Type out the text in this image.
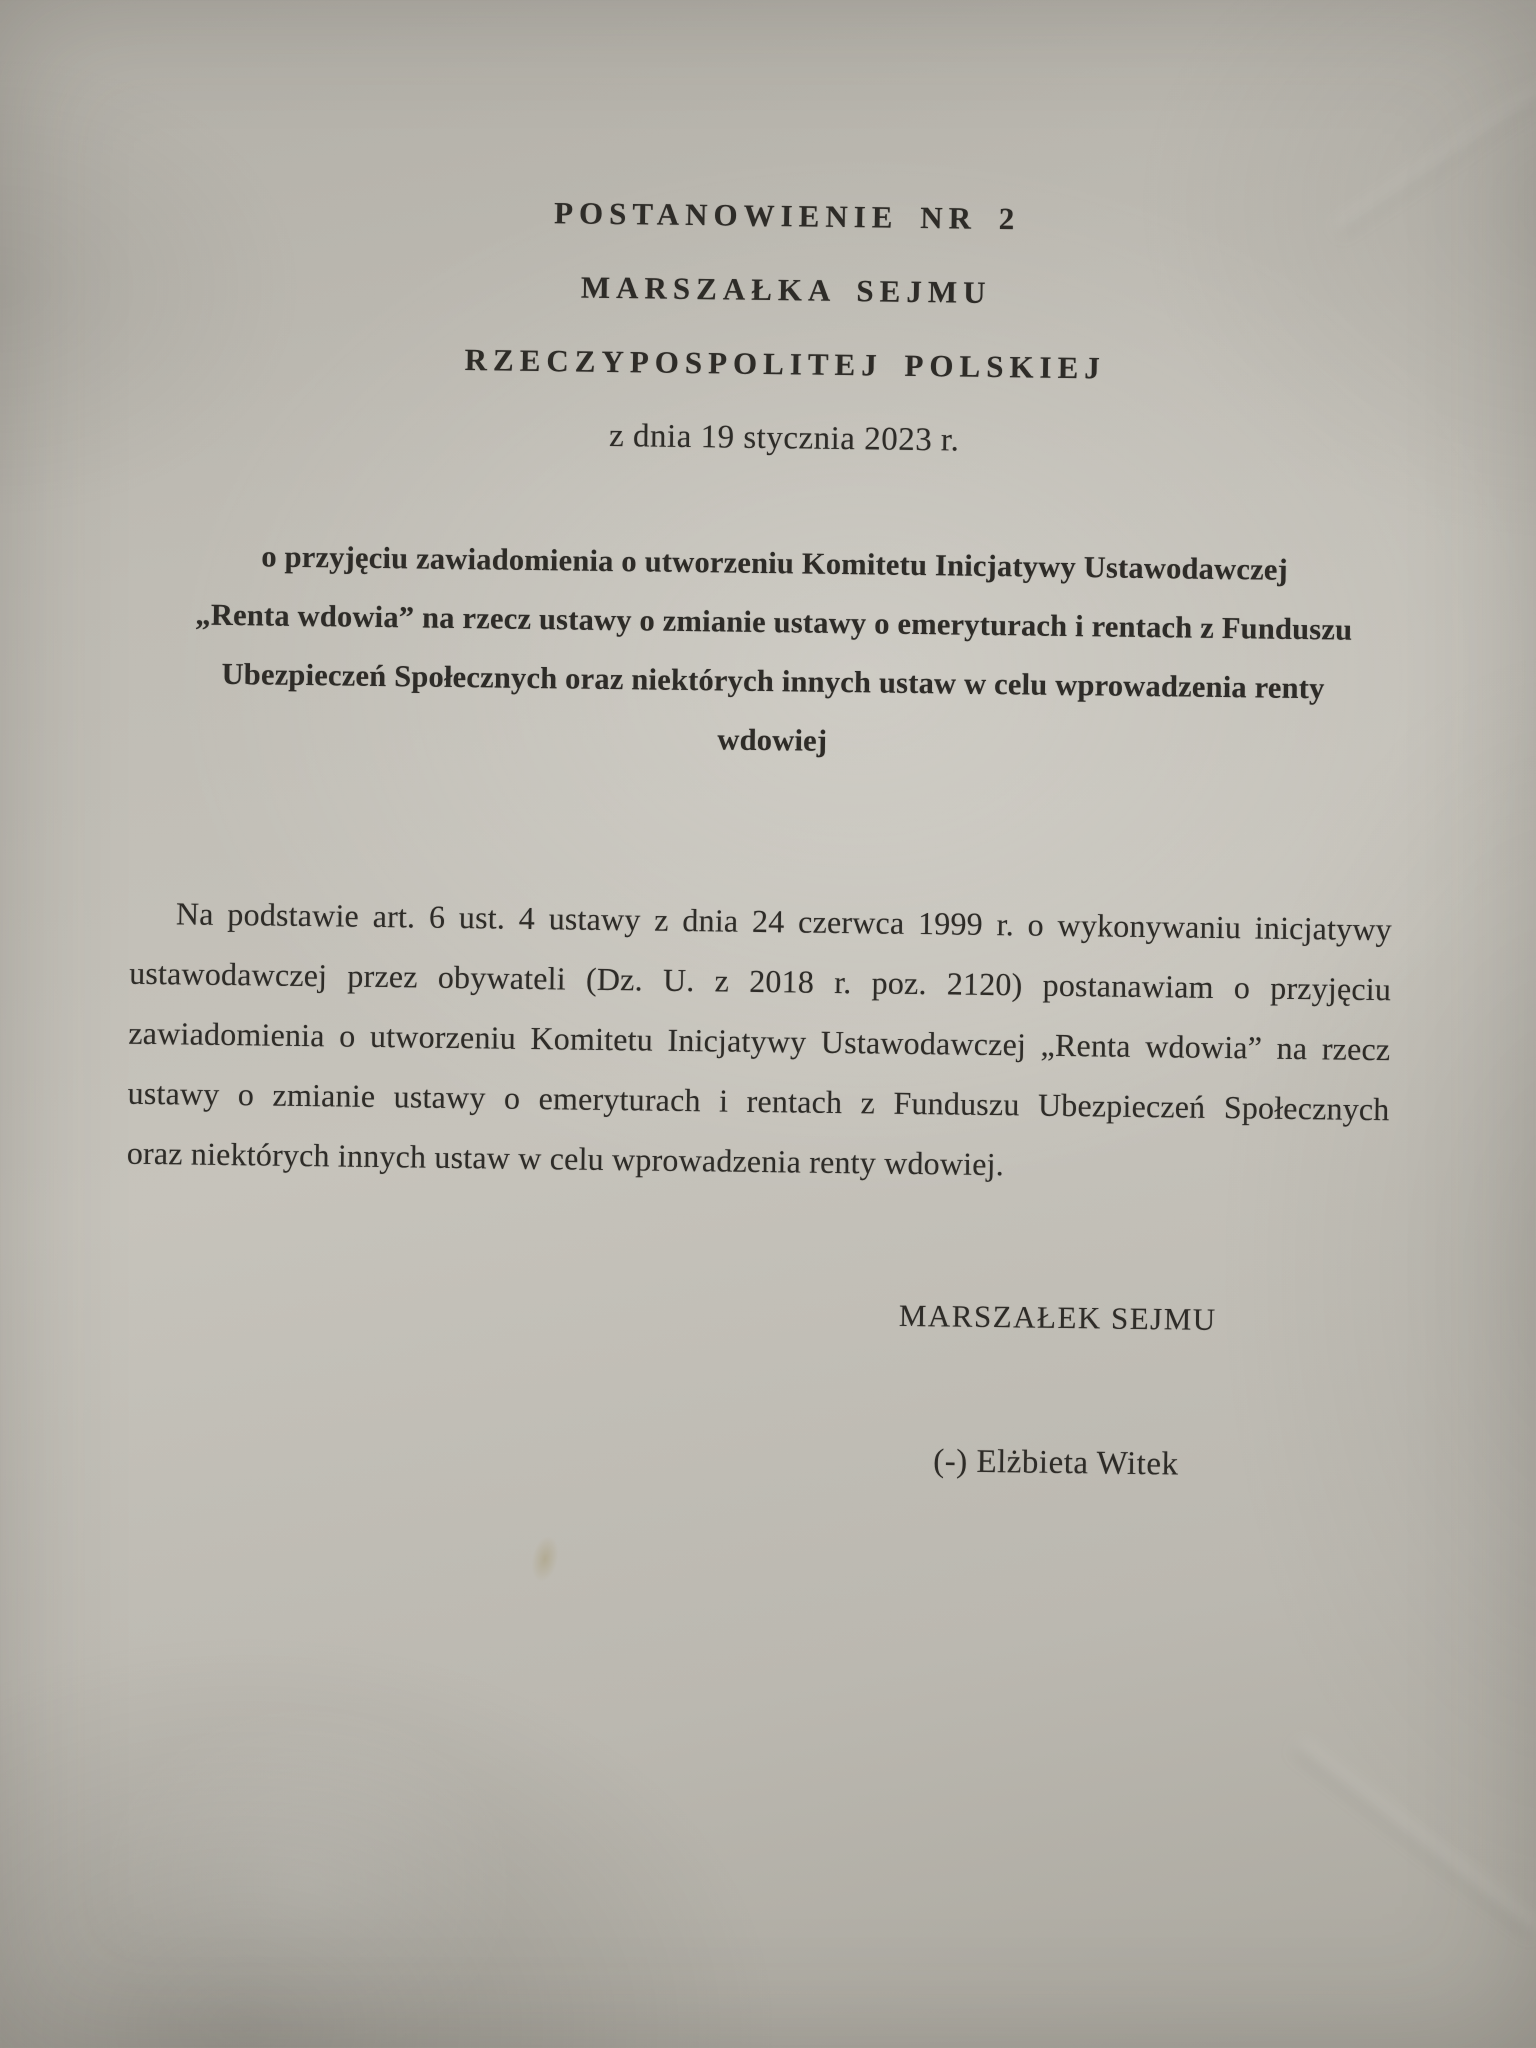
POSTANOWIENIE NR 2
MARSZAŁKA SEJMU
RZECZYPOSPOLITEJ POLSKIEJ
z dnia 19 stycznia 2023 r.
o przyjęciu zawiadomienia o utworzeniu Komitetu Inicjatywy Ustawodawczej
„Renta wdowia” na rzecz ustawy o zmianie ustawy o emeryturach i rentach z Funduszu
Ubezpieczeń Społecznych oraz niektórych innych ustaw w celu wprowadzenia renty
wdowiej
Na podstawie art. 6 ust. 4 ustawy z dnia 24 czerwca 1999 r. o wykonywaniu inicjatywy
ustawodawczej przez obywateli (Dz. U. z 2018 r. poz. 2120) postanawiam o przyjęciu
zawiadomienia o utworzeniu Komitetu Inicjatywy Ustawodawczej „Renta wdowia” na rzecz
ustawy o zmianie ustawy o emeryturach i rentach z Funduszu Ubezpieczeń Społecznych
oraz niektórych innych ustaw w celu wprowadzenia renty wdowiej.
MARSZAŁEK SEJMU
(-) Elżbieta Witek
